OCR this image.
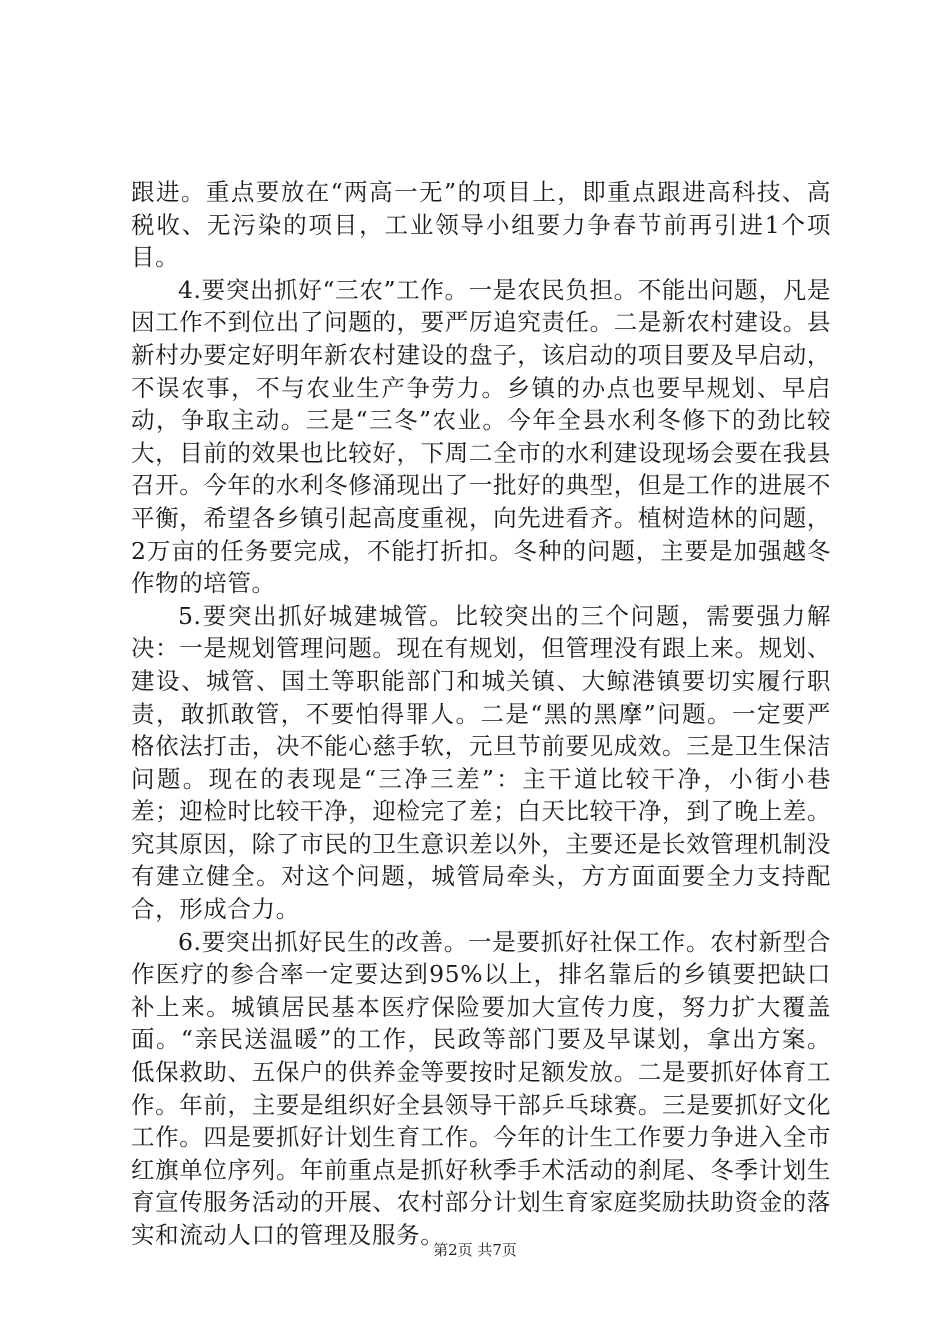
跟进。重点要放在“两高一无”的项目上，即重点跟进高科技、高税收、无污染的项目，工业领导小组要力争春节前再引进1个项目。

4.要突出抓好“三农”工作。一是农民负担。不能出问题，凡是因工作不到位出了问题的，要严厉追究责任。二是新农村建设。县新村办要定好明年新农村建设的盘子，该启动的项目要及早启动，不误农事，不与农业生产争劳力。乡镇的办点也要早规划、早启动，争取主动。三是“三冬”农业。今年全县水利冬修下的劲比较大，目前的效果也比较好，下周二全市的水利建设现场会要在我县召开。今年的水利冬修涌现出了一批好的典型，但是工作的进展不平衡，希望各乡镇引起高度重视，向先进看齐。植树造林的问题，2万亩的任务要完成，不能打折扣。冬种的问题，主要是加强越冬作物的培管。

5.要突出抓好城建城管。比较突出的三个问题，需要强力解决：一是规划管理问题。现在有规划，但管理没有跟上来。规划、建设、城管、国土等职能部门和城关镇、大鲸港镇要切实履行职责，敢抓敢管，不要怕得罪人。二是“黑的黑摩”问题。一定要严格依法打击，决不能心慈手软，元旦节前要见成效。三是卫生保洁问题。现在的表现是“三净三差”：主干道比较干净，小街小巷差；迎检时比较干净，迎检完了差；白天比较干净，到了晚上差。究其原因，除了市民的卫生意识差以外，主要还是长效管理机制没有建立健全。对这个问题，城管局牵头，方方面面要全力支持配合，形成合力。

6.要突出抓好民生的改善。一是要抓好社保工作。农村新型合作医疗的参合率一定要达到95%以上，排名靠后的乡镇要把缺口补上来。城镇居民基本医疗保险要加大宣传力度，努力扩大覆盖面。“亲民送温暖”的工作，民政等部门要及早谋划，拿出方案。低保救助、五保户的供养金等要按时足额发放。二是要抓好体育工作。年前，主要是组织好全县领导干部乒乓球赛。三是要抓好文化工作。四是要抓好计划生育工作。今年的计生工作要力争进入全市红旗单位序列。年前重点是抓好秋季手术活动的刹尾、冬季计划生育宣传服务活动的开展、农村部分计划生育家庭奖励扶助资金的落实和流动人口的管理及服务。

第2页 共7页
